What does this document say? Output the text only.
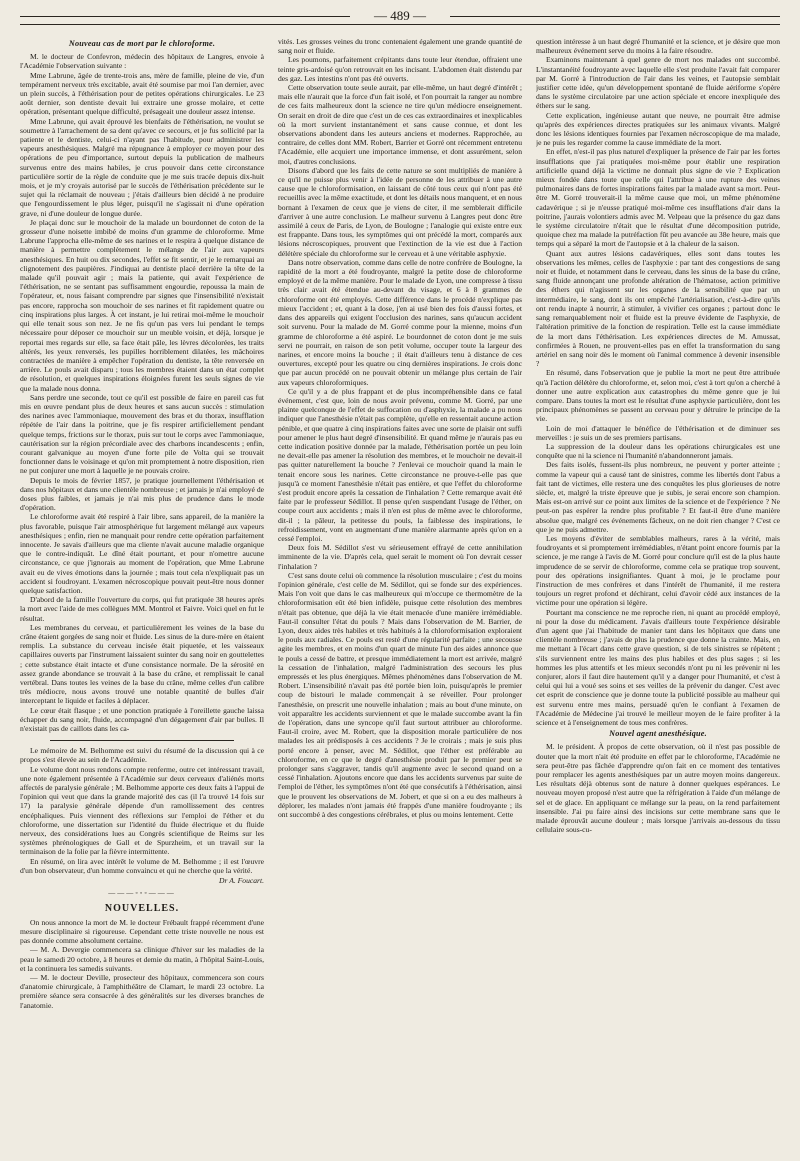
— 489 —
Nouveau cas de mort par le chloroforme.

M. le docteur de Confevron, médecin des hôpitaux de Langres, envoie à l'Académie l'observation suivante :

Mme Labrune, âgée de trente-trois ans, mère de famille, pleine de vie, d'un tempérament nerveux très excitable, avait été soumise par moi l'an dernier, avec un plein succès, à l'éthérisation pour de petites opérations chirurgicales. Le 23 août dernier, son dentiste devait lui extraire une grosse molaire, et cette opération, présentant quelque difficulté, présageait une douleur assez intense.

Mme Labrune, qui avait éprouvé les bienfaits de l'éthérisation, ne voulut se soumettre à l'arrachement de sa dent qu'avec ce secours, et je fus sollicité par la patiente et le dentiste, celui-ci n'ayant pas l'habitude, pour administrer les vapeurs anesthésiques. Malgré ma répugnance à employer ce moyen pour des opérations de peu d'importance, surtout depuis la publication de malheurs survenus entre des mains habiles, je crus pouvoir dans cette circonstance particulière sortir de la règle de conduite que je me suis tracée depuis dix-huit mois, et je m'y croyais autorisé par le succès de l'éthérisation précédente sur le sujet qui la réclamait de nouveau ; j'étais d'ailleurs bien décidé à ne produire que l'engourdissement le plus léger, puisqu'il ne s'agissait ni d'une opération grave, ni d'une douleur de longue durée.

Je plaçai donc sur le mouchoir de la malade un bourdonnet de coton de la grosseur d'une noisette imbibé de moins d'un gramme de chloroforme. Mme Labrune l'approcha elle-même de ses narines et le respira à quelque distance de manière à permettre complètement le mélange de l'air aux vapeurs anesthésiques. En huit ou dix secondes, l'effet se fit sentir, et je le remarquai au clignotement des paupières. J'indiquai au dentiste placé derrière la tête de la malade qu'il pouvait agir ; mais la patiente, qui avait l'expérience de l'éthérisation, ne se sentant pas suffisamment engourdie, repoussa la main de l'opérateur, et, nous faisant comprendre par signes que l'insensibilité n'existait pas encore, rapprocha son mouchoir de ses narines et fit rapidement quatre ou cinq inspirations plus larges. À cet instant, je lui retirai moi-même le mouchoir qui elle tenait sous son nez. Je ne fis qu'un pas vers lui pendant le temps nécessaire pour déposer ce mouchoir sur un meuble voisin, et déjà, lorsque je reportai mes regards sur elle, sa face était pâle, les lèvres décolorées, les traits altérés, les yeux renversés, les pupilles horriblement dilatées, les mâchoires contractées de manière à empêcher l'opération du dentiste, la tête renversée en arrière. Le pouls avait disparu ; tous les membres étaient dans un état complet de résolution, et quelques inspirations éloignées furent les seuls signes de vie que la malade nous donna.

Sans perdre une seconde, tout ce qu'il est possible de faire en pareil cas fut mis en œuvre pendant plus de deux heures et sans aucun succès : stimulation des narines avec l'ammoniaque, mouvement des bras et du thorax, insufflation répétée de l'air dans la poitrine, que je fis respirer artificiellement pendant quelque temps, frictions sur le thorax, puis sur tout le corps avec l'ammoniaque, cautérisation sur la région précordiale avec des charbons incandescents ; enfin, courant galvanique au moyen d'une forte pile de Volta qui se trouvait fonctionner dans le voisinage et qu'on mit promptement à notre disposition, rien ne put conjurer une mort à laquelle je ne pouvais croire.

Depuis le mois de février 1857, je pratique journellement l'éthérisation et dans nos hôpitaux et dans une clientèle nombreuse ; et jamais je n'ai employé de doses plus faibles, et jamais je n'ai mis plus de prudence dans le mode d'opération.

Le chloroforme avait été respiré à l'air libre, sans appareil, de la manière la plus favorable, puisque l'air atmosphérique fut largement mélangé aux vapeurs anesthésiques ; enfin, rien ne manquait pour rendre cette opération parfaitement innocente. Je savais d'ailleurs que ma cliente n'avait aucune maladie organique que le contre-indiquât. Le dîné était pourtant, et pour n'omettre aucune circonstance, ce que j'ignorais au moment de l'opération, que Mme Labrune avait eu de vives émotions dans la journée ; mais tout cela n'expliquait pas un accident si foudroyant. L'examen nécroscopique pouvait peut-être nous donner quelque satisfaction.

D'abord de la famille l'ouverture du corps, qui fut pratiquée 38 heures après la mort avec l'aide de mes collègues MM. Montrol et Faivre. Voici quel en fut le résultat.

Les membranes du cerveau, et particulièrement les veines de la base du crâne étaient gorgées de sang noir et fluide. Les sinus de la dure-mère en étaient remplis. La substance du cerveau incisée était piquetée, et les vaisseaux capillaires ouverts par l'instrument laissaient suinter du sang noir en gouttelettes ; cette substance était intacte et d'une consistance normale. De la sérosité en assez grande abondance se trouvait à la base du crâne, et remplissait le canal vertébral. Dans toutes les veines de la base du crâne, même celles d'un calibre très médiocre, nous avons trouvé une notable quantité de bulles d'air interceptant le liquide et faciles à déplacer.

Le cœur était flasque ; et une ponction pratiquée à l'oreillette gauche laissa échapper du sang noir, fluide, accompagné d'un dégagement d'air par bulles. Il n'existait pas de caillots dans les ca-

Le mémoire de M. Belhomme est suivi du résumé de la discussion qui à ce propos s'est élevée au sein de l'Académie.

Le volume dont nous rendons compte renferme, outre cet intéressant travail, une note également présentée à l'Académie sur deux cerveaux d'aliénés morts affectés de paralysie générale ; M. Belhomme apporte ces deux faits à l'appui de l'opinion qui veut que dans la grande majorité des cas (il l'a trouvé 14 fois sur 17) la paralysie générale dépende d'un ramollissement des centres encéphaliques. Puis viennent des réflexions sur l'emploi de l'éther et du chloroforme, une dissertation sur l'identité du fluide électrique et du fluide nerveux, des considérations lues au Congrès scientifique de Reims sur les systèmes phrénologiques de Gall et de Spurzheim, et un travail sur la terminaison de la folie par la fièvre intermittente.

En résumé, on lira avec intérêt le volume de M. Belhomme ; il est l'œuvre d'un bon observateur, d'un homme convaincu et qui ne cherche que la vérité.

Dr A. Foucart.
———◦◦◦———
NOUVELLES.

On nous annonce la mort de M. le docteur Frébault frappé récemment d'une mesure disciplinaire si rigoureuse. Cependant cette triste nouvelle ne nous est pas donnée comme absolument certaine.

— M. A. Devergie commencera sa clinique d'hiver sur les maladies de la peau le samedi 20 octobre, à 8 heures et demie du matin, à l'hôpital Saint-Louis, et la continuera les samedis suivants.

— M. le docteur Deville, prosecteur des hôpitaux, commencera son cours d'anatomie chirurgicale, à l'amphithéâtre de Clamart, le mardi 23 octobre. La première séance sera consacrée à des généralités sur les diverses branches de l'anatomie.

vités. Les grosses veines du tronc contenaient également une grande quantité de sang noir et fluide.

Les poumons, parfaitement crépitants dans toute leur étendue, offraient une teinte gris-ardoisé qu'on retrouvait en les incisant. L'abdomen était distendu par des gaz. Les intestins n'ont pas été ouverts.

Cette observation toute seule aurait, par elle-même, un haut degré d'intérêt ; mais elle n'aurait que la force d'un fait isolé, et l'on pourrait la ranger au nombre de ces faits malheureux dont la science ne tire qu'un médiocre enseignement. On serait en droit de dire que c'est un de ces cas extraordinaires et inexplicables où la mort survient instantanément et sans cause connue, et dont les observations abondent dans les auteurs anciens et modernes. Rapprochée, au contraire, de celles dont MM. Robert, Barrier et Gorré ont récemment entretenu l'Académie, elle acquiert une importance immense, et dont assurément, selon moi, d'autres conclusions.

Disons d'abord que les faits de cette nature se sont multipliés de manière à ce qu'il ne puisse plus venir à l'idée de personne de les attribuer à une autre cause que le chloroformisation, en laissant de côté tous ceux qui n'ont pas été recueillis avec la même exactitude, et dont les détails nous manquent, et en nous bornant à l'examen de ceux que je viens de citer, il me semblerait difficile d'arriver à une autre conclusion. Le malheur survenu à Langres peut donc être assimilé à ceux de Paris, de Lyon, de Boulogne ; l'analogie qui existe entre eux est frappante. Dans tous, les symptômes qui ont précédé la mort, comparés aux lésions nécroscopiques, prouvent que l'extinction de la vie est due à l'action délétère spéciale du chloroforme sur le cerveau et à une véritable asphyxie.

Dans notre observation, comme dans celle de notre confrère de Boulogne, la rapidité de la mort a été foudroyante, malgré la petite dose de chloroforme employé et de la même manière. Pour le malade de Lyon, une compresse à tissu très clair avait été étendue au-devant du visage, et 6 à 8 grammes de chloroforme ont été employés. Cette différence dans le procédé n'explique pas mieux l'accident ; et, quant à la dose, j'en ai usé bien des fois d'aussi fortes, et dans des appareils qui exigent l'occlusion des narines, sans qu'aucun accident soit survenu. Pour la malade de M. Gorré comme pour la mienne, moins d'un gramme de chloroforme a été aspiré. Le bourdonnet de coton dont je me suis servi ne pourrait, en raison de son petit volume, occuper toute la largeur des narines, et encore moins la bouche ; il était d'ailleurs tenu à distance de ces ouvertures, excepté pour les quatre ou cinq dernières inspirations. Je crois donc que par aucun procédé on ne pouvait obtenir un mélange plus certain de l'air aux vapeurs chloroformiques.

Ce qu'il y a de plus frappant et de plus incompréhensible dans ce fatal événement, c'est que, loin de nous avoir prévenu, comme M. Gorré, par une plainte quelconque de l'effet de suffocation ou d'asphyxie, la malade a pu nous indiquer que l'anesthésie n'était pas complète, qu'elle en ressentait aucune action pénible, et que quatre à cinq inspirations faites avec une sorte de plaisir ont suffi pour amener le plus haut degré d'insensibilité. Et quand même je n'aurais pas eu cette indication positive donnée par la malade, l'éthérisation portée un peu loin ne devait-elle pas amener la résolution des membres, et le mouchoir ne devait-il pas quitter naturellement la bouche ? J'enlevai ce mouchoir quand la main le tenait encore sous les narines. Cette circonstance ne prouve-t-elle pas que jusqu'à ce moment l'anesthésie n'était pas entière, et que l'effet du chloroforme s'est produit encore après la cessation de l'inhalation ? Cette remarque avait été faite par le professeur Sédillot. Il pense qu'en suspendant l'usage de l'éther, on coupe court aux accidents ; mais il n'en est plus de même avec le chloroforme, dit-il ; la pâleur, la petitesse du pouls, la faiblesse des inspirations, le refroidissement, vont en augmentant d'une manière alarmante après qu'on en a cessé l'emploi.

Deux fois M. Sédillot s'est vu sérieusement effrayé de cette annihilation imminente de la vie. D'après cela, quel serait le moment où l'on devrait cesser l'inhalation ?

C'est sans doute celui où commence la résolution musculaire ; c'est du moins l'opinion générale, c'est celle de M. Sédillot, qui se fonde sur des expériences. Mais l'on voit que dans le cas malheureux qui m'occupe ce thermomètre de la chloroformisation eût été bien infidèle, puisque cette résolution des membres n'était pas obtenue, que déjà la vie était menacée d'une manière irrémédiable. Faut-il consulter l'état du pouls ? Mais dans l'observation de M. Barrier, de Lyon, deux aides très habiles et très habitués à la chloroformisation exploraient le pouls aux radiales. Ce pouls est resté d'une régularité parfaite ; une secousse agite les membres, et en moins d'un quart de minute l'un des aides annonce que le pouls a cessé de battre, et presque immédiatement la mort est arrivée, malgré la cessation de l'inhalation, malgré l'administration des secours les plus empressés et les plus énergiques. Mêmes phénomènes dans l'observation de M. Robert. L'insensibilité n'avait pas été portée bien loin, puisqu'après le premier coup de bistouri le malade commençait à se réveiller. Pour prolonger l'anesthésie, on prescrit une nouvelle inhalation ; mais au bout d'une minute, on voit apparaître les accidents surviennent et que le malade succombe avant la fin de l'opération, dans une syncope qu'il faut surtout attribuer au chloroforme. Faut-il croire, avec M. Robert, que la disposition morale particulière de nos malades les ait prédisposés à ces accidents ? Je le croirais ; mais je suis plus porté encore à penser, avec M. Sédillot, que l'éther est préférable au chloroforme, en ce que le degré d'anesthésie produit par le premier peut se prolonger sans s'aggraver, tandis qu'il augmente avec le second quand on a cessé l'inhalation. Ajoutons encore que dans les accidents survenus par suite de l'emploi de l'éther, les symptômes n'ont été que consécutifs à l'éthérisation, ainsi que le prouvent les observations de M. Jobert, et que si on a eu des malheurs à déplorer, les malades n'ont jamais été frappés d'une manière foudroyante ; ils ont succombé à des congestions cérébrales, et plus ou moins lentement. Cette

question intéresse à un haut degré l'humanité et la science, et je désire que mon malheureux événement serve du moins à la faire résoudre.

Examinons maintenant à quel genre de mort nos malades ont succombé. L'instantanéité foudroyante avec laquelle elle s'est produite l'avait fait comparer par M. Gorré à l'introduction de l'air dans les veines, et l'autopsie semblait justifier cette idée, qu'un développement spontané de fluide aériforme s'opère dans le système circulatoire par une action spéciale et encore inexpliquée des éthers sur le sang.

Cette explication, ingénieuse autant que neuve, ne pourrait être admise qu'après des expériences directes pratiquées sur les animaux vivants. Malgré donc les lésions identiques fournies par l'examen nécroscopique de ma malade, je ne puis les regarder comme la cause immédiate de la mort.

En effet, n'est-il pas plus naturel d'expliquer la présence de l'air par les fortes insufflations que j'ai pratiquées moi-même pour établir une respiration artificielle quand déjà la victime ne donnait plus signe de vie ? Explication mieux fondée dans toute que celle qui l'attribue à une rupture des veines pulmonaires dans de fortes inspirations faites par la malade avant sa mort. Peut-être M. Gorré trouverait-il la même cause que moi, un même phénomène cadavérique ; si je n'eusse pratiqué moi-même ces insufflations d'air dans la poitrine, j'aurais volontiers admis avec M. Velpeau que la présence du gaz dans le système circulatoire n'était que le résultat d'une décomposition putride, quoique chez ma malade la putréfaction fût peu avancée au 38e heure, mais que temps qui a séparé la mort de l'autopsie et à la chaleur de la saison.

Quant aux autres lésions cadavériques, elles sont dans toutes les observations les mêmes, celles de l'asphyxie : par tant des congestions de sang noir et fluide, et notamment dans le cerveau, dans les sinus de la base du crâne, sang fluide annonçant une profonde altération de l'hématose, action primitive des éthers qui n'agissent sur les organes de la sensibilité que par un intermédiaire, le sang, dont ils ont empêché l'artérialisation, c'est-à-dire qu'ils ont rendu inapte à nourrir, à stimuler, à vivifier ces organes ; partout donc le sang remarquablement noir et fluide est la preuve évidente de l'asphyxie, de l'altération primitive de la fonction de respiration. Telle est la cause immédiate de la mort dans l'éthérisation. Les expériences directes de M. Amussat, confirmées à Rouen, ne prouvent-elles pas en effet la transformation du sang artériel en sang noir dès le moment où l'animal commence à devenir insensible ?

En résumé, dans l'observation que je publie la mort ne peut être attribuée qu'à l'action délétère du chloroforme, et, selon moi, c'est à tort qu'on a cherché à donner une autre explication aux catastrophes du même genre que je lui compare. Dans toutes la mort est le résultat d'une asphyxie particulière, dont les principaux phénomènes se passent au cerveau pour y détruire le principe de la vie.

Loin de moi d'attaquer le bénéfice de l'éthérisation et de diminuer ses merveilles : je suis un de ses premiers partisans.

La suppression de la douleur dans les opérations chirurgicales est une conquête que ni la science ni l'humanité n'abandonneront jamais.

Des faits isolés, fussent-ils plus nombreux, ne peuvent y porter atteinte ; comme la vapeur qui a causé tant de sinistres, comme les libertés dont l'abus a fait tant de victimes, elle restera une des conquêtes les plus glorieuses de notre siècle, et, malgré la triste épreuve que je subis, je serai encore son champion. Mais est-on arrivé sur ce point aux limites de la science et de l'expérience ? Ne peut-on pas espérer la rendre plus profitable ? Et faut-il être d'une manière absolue que, malgré ces événements fâcheux, on ne doit rien changer ? C'est ce que je ne puis admettre.

Les moyens d'éviter de semblables malheurs, rares à la vérité, mais foudroyants et si promptement irrémédiables, n'étant point encore fournis par la science, je me range à l'avis de M. Gorré pour conclure qu'il est de la plus haute imprudence de se servir de chloroforme, comme cela se pratique trop souvent, pour des opérations insignifiantes. Quant à moi, je le proclame pour l'instruction de mes confrères et dans l'intérêt de l'humanité, il me restera toujours un regret profond et déchirant, celui d'avoir cédé aux instances de la victime pour une opération si légère.

Pourtant ma conscience ne me reproche rien, ni quant au procédé employé, ni pour la dose du médicament. J'avais d'ailleurs toute l'expérience désirable d'un agent que j'ai l'habitude de manier tant dans les hôpitaux que dans une clientèle nombreuse ; j'avais de plus la prudence que donne la crainte. Mais, en me mettant à l'écart dans cette grave question, si de tels sinistres se répètent ; s'ils surviennent entre les mains des plus habiles et des plus sages ; si les hommes les plus attentifs et les mieux secondés n'ont pu ni les prévenir ni les conjurer, alors il faut dire hautement qu'il y a danger pour l'humanité, et c'est à celui qui lui a voué ses soins et ses veilles de la prévenir du danger. C'est avec cet esprit de conscience que je donne toute la publicité possible au malheur qui est survenu entre mes mains, persuadé qu'en le confiant à l'examen de l'Académie de Médecine j'ai trouvé le meilleur moyen de le faire profiter à la science et à l'enseignement de tous mes confrères.

Nouvel agent anesthésique.

M. le président. À propos de cette observation, où il n'est pas possible de douter que la mort n'ait été produite en effet par le chloroforme, l'Académie ne sera peut-être pas fâchée d'apprendre qu'on fait en ce moment des tentatives pour remplacer les agents anesthésiques par un autre moyen moins dangereux. Les résultats déjà obtenus sont de nature à donner quelques espérances. Le nouveau moyen proposé n'est autre que la réfrigération à l'aide d'un mélange de sel et de glace. En appliquant ce mélange sur la peau, on la rend parfaitement insensible. J'ai pu faire ainsi des incisions sur cette membrane sans que le malade éprouvât aucune douleur ; mais lorsque j'arrivais au-dessous du tissu cellulaire sous-cu-
